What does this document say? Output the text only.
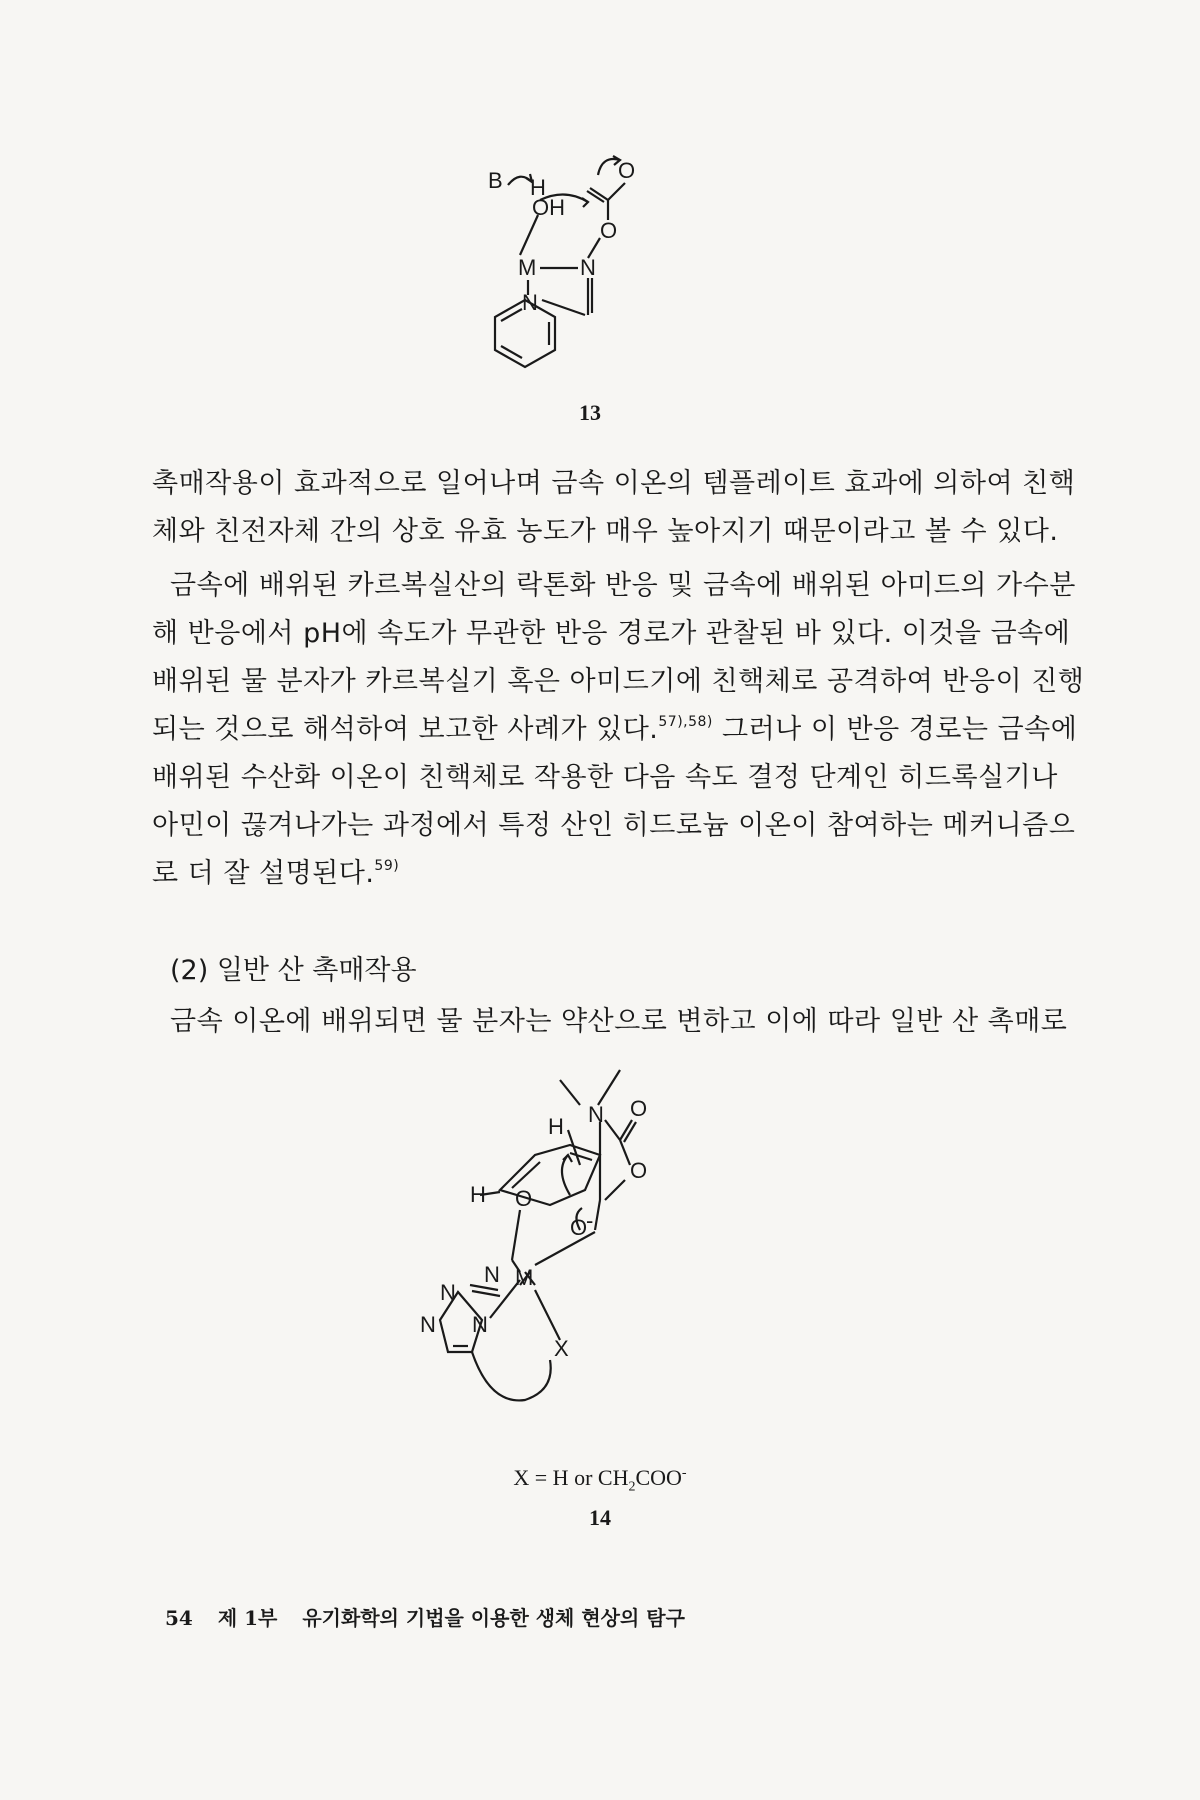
B H
OH
O
O
M N
N
13
촉매작용이 효과적으로 일어나며 금속 이온의 템플레이트 효과에 의하여 친핵
체와 친전자체 간의 상호 유효 농도가 매우 높아지기 때문이라고 볼 수 있다.
금속에 배위된 카르복실산의 락톤화 반응 및 금속에 배위된 아미드의 가수분
해 반응에서 pH에 속도가 무관한 반응 경로가 관찰된 바 있다. 이것을 금속에
배위된 물 분자가 카르복실기 혹은 아미드기에 친핵체로 공격하여 반응이 진행
되는 것으로 해석하여 보고한 사례가 있다.$^{57),58)}$ 그러나 이 반응 경로는 금속에
배위된 수산화 이온이 친핵체로 작용한 다음 속도 결정 단계인 히드록실기나
아민이 끊겨나가는 과정에서 특정 산인 히드로늄 이온이 참여하는 메커니즘으
로 더 잘 설명된다.$^{59)}$
(2) 일반 산 촉매작용
금속 이온에 배위되면 물 분자는 약산으로 변하고 이에 따라 일반 산 촉매로
N O
O
H
H O
O
-
N
N M
N N
X
X = H or $CH_2COO^-$
14
54 제 1부 유기화학의 기법을 이용한 생체 현상의 탐구
